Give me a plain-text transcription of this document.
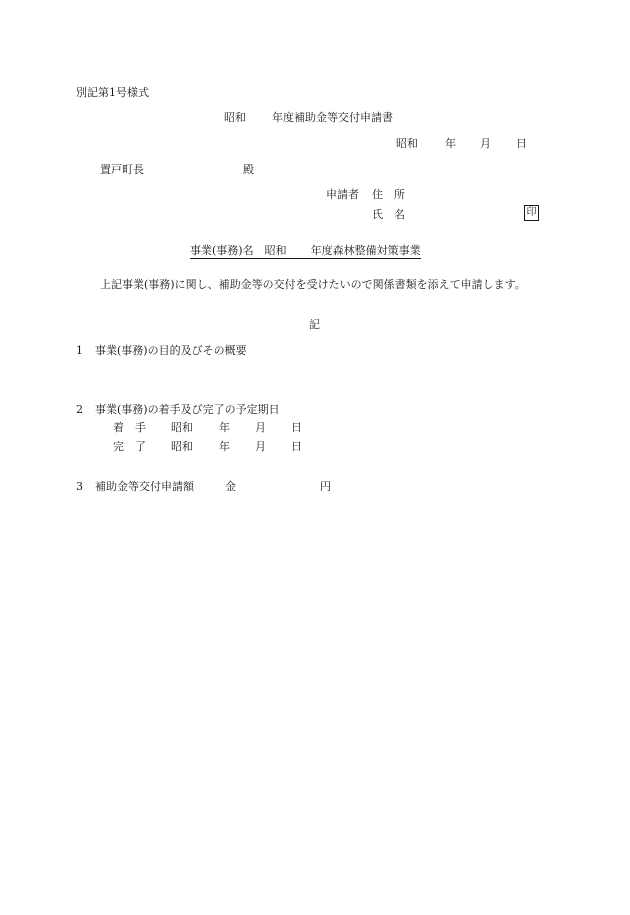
別記第1号様式
昭和 年度補助金等交付申請書
昭和 年 月 日
置戸町長	殿
申請者 住　所
氏　名	印
事業(事務)名　昭和 年度森林整備対策事業
上記事業(事務)に関し、補助金等の交付を受けたいので関係書類を添えて申請します。
記
1 事業(事務)の目的及びその概要
2 事業(事務)の着手及び完了の予定期日
着　手 昭和 年 月 日
完　了 昭和 年 月 日
3 補助金等交付申請額	金	円
